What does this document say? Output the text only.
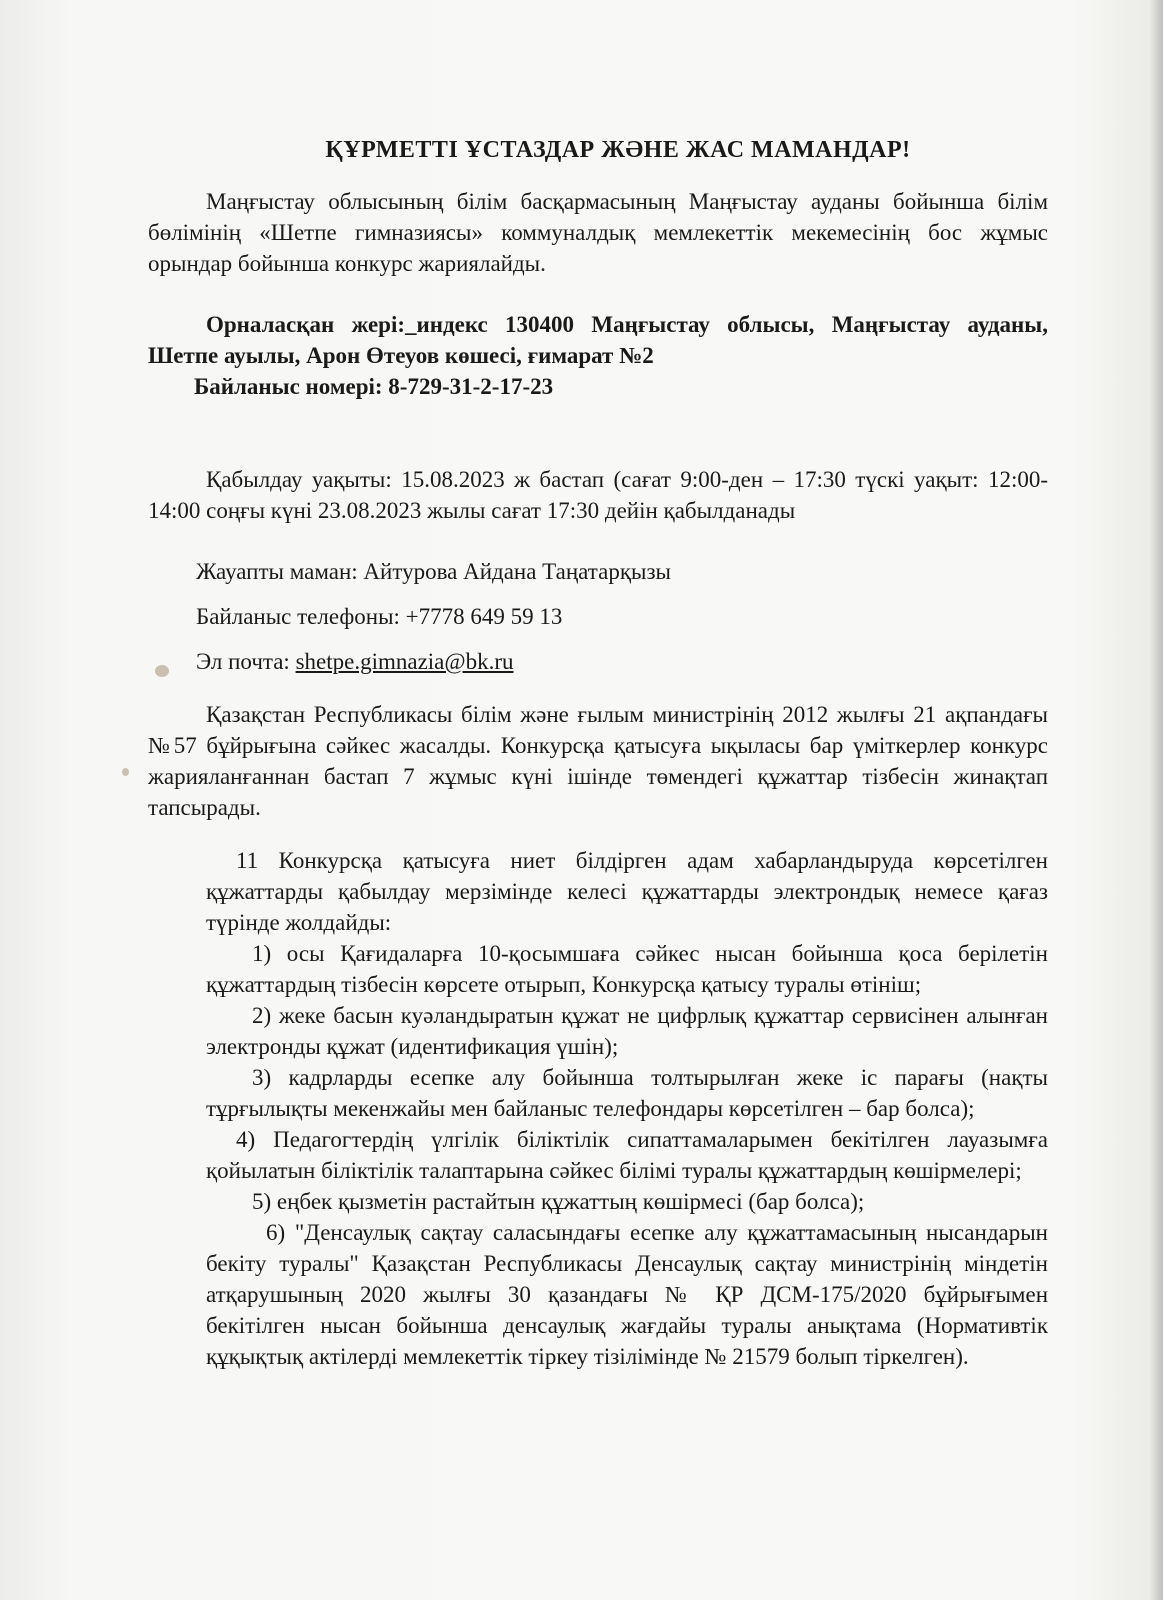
ҚҰРМЕТТІ ҰСТАЗДАР ЖӘНЕ ЖАС МАМАНДАР!

Маңғыстау облысының білім басқармасының Маңғыстау ауданы бойынша білім бөлімінің «Шетпе гимназиясы» коммуналдық мемлекеттік мекемесінің бос жұмыс орындар бойынша конкурс жариялайды.

Орналасқан жері:_индекс 130400 Маңғыстау облысы, Маңғыстау ауданы, Шетпе ауылы, Арон Өтеуов көшесі, ғимарат №2

Байланыс номері: 8-729-31-2-17-23

Қабылдау уақыты: 15.08.2023 ж бастап (сағат 9:00-ден – 17:30 түскі уақыт: 12:00-14:00 соңғы күні 23.08.2023 жылы сағат 17:30 дейін қабылданады

Жауапты маман: Айтурова Айдана Таңатарқызы

Байланыс телефоны: +7778 649 59 13

Эл почта: shetpe.gimnazia@bk.ru

Қазақстан Республикасы білім және ғылым министрінің 2012 жылғы 21 ақпандағы №57 бұйрығына сәйкес жасалды. Конкурсқа қатысуға ықыласы бар үміткерлер конкурс жарияланғаннан бастап 7 жұмыс күні ішінде төмендегі құжаттар тізбесін жинақтап тапсырады.

11 Конкурсқа қатысуға ниет білдірген адам хабарландыруда көрсетілген құжаттарды қабылдау мерзімінде келесі құжаттарды электрондық немесе қағаз түрінде жолдайды:

1) осы Қағидаларға 10-қосымшаға сәйкес нысан бойынша қоса берілетін құжаттардың тізбесін көрсете отырып, Конкурсқа қатысу туралы өтініш;

2) жеке басын куәландыратын құжат не цифрлық құжаттар сервисінен алынған электронды құжат (идентификация үшін);

3) кадрларды есепке алу бойынша толтырылған жеке іс парағы (нақты тұрғылықты мекенжайы мен байланыс телефондары көрсетілген – бар болса);

4) Педагогтердің үлгілік біліктілік сипаттамаларымен бекітілген лауазымға қойылатын біліктілік талаптарына сәйкес білімі туралы құжаттардың көшірмелері;

5) еңбек қызметін растайтын құжаттың көшірмесі (бар болса);

6) "Денсаулық сақтау саласындағы есепке алу құжаттамасының нысандарын бекіту туралы" Қазақстан Республикасы Денсаулық сақтау министрінің міндетін атқарушының 2020 жылғы 30 қазандағы № ҚР ДСМ-175/2020 бұйрығымен бекітілген нысан бойынша денсаулық жағдайы туралы анықтама (Нормативтік құқықтық актілерді мемлекеттік тіркеу тізілімінде № 21579 болып тіркелген).
